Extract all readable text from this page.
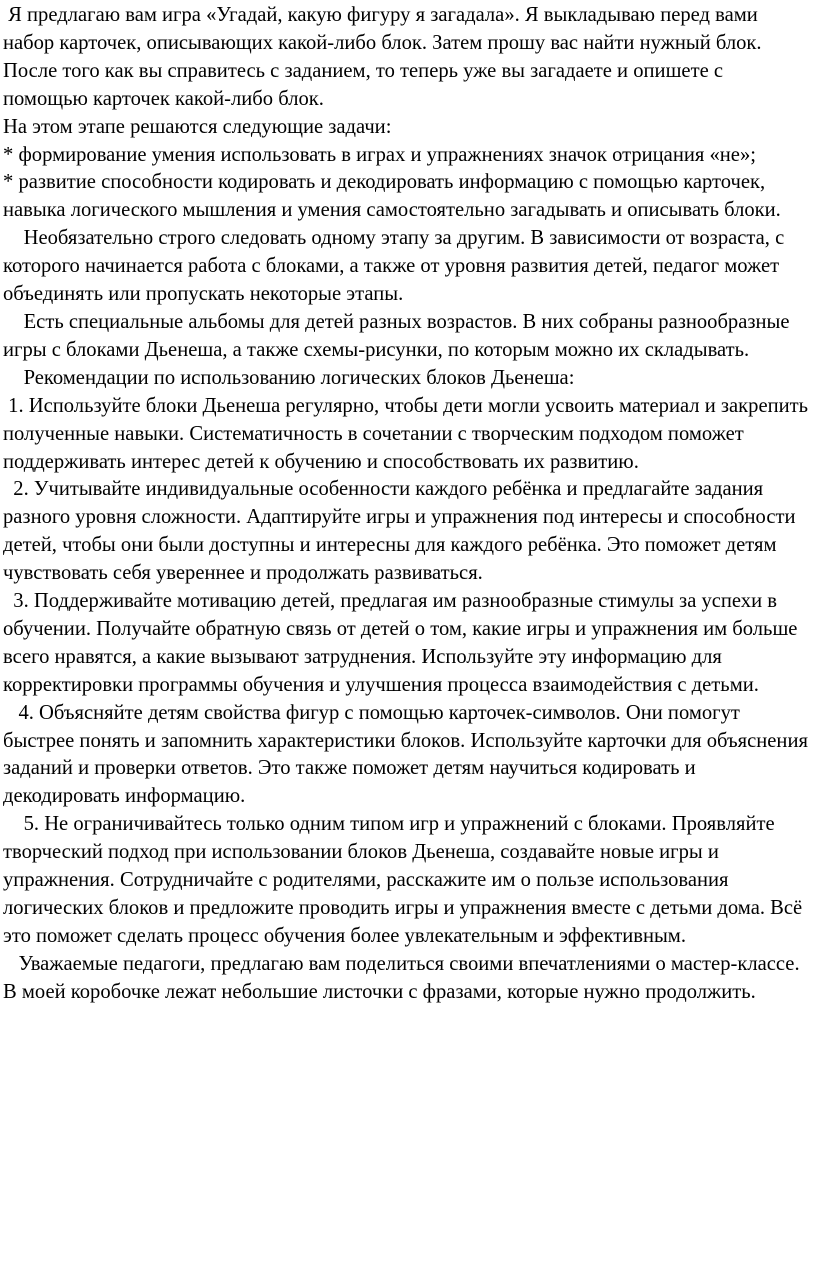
Я предлагаю вам игра «Угадай, какую фигуру я загадала». Я выкладываю перед вами набор карточек, описывающих какой-либо блок. Затем прошу вас найти нужный блок. После того как вы справитесь с заданием, то теперь уже вы загадаете и опишете с помощью карточек какой-либо блок.

На этом этапе решаются следующие задачи:

* формирование умения использовать в играх и упражнениях значок отрицания «не»;

* развитие способности кодировать и декодировать информацию с помощью карточек, навыка логического мышления и умения самостоятельно загадывать и описывать блоки.

Необязательно строго следовать одному этапу за другим. В зависимости от возраста, с которого начинается работа с блоками, а также от уровня развития детей, педагог может объединять или пропускать некоторые этапы.

Есть специальные альбомы для детей разных возрастов. В них собраны разнообразные игры с блоками Дьенеша, а также схемы-рисунки, по которым можно их складывать.

Рекомендации по использованию логических блоков Дьенеша:

1. Используйте блоки Дьенеша регулярно, чтобы дети могли усвоить материал и закрепить полученные навыки. Систематичность в сочетании с творческим подходом поможет поддерживать интерес детей к обучению и способствовать их развитию.

2. Учитывайте индивидуальные особенности каждого ребёнка и предлагайте задания разного уровня сложности. Адаптируйте игры и упражнения под интересы и способности детей, чтобы они были доступны и интересны для каждого ребёнка. Это поможет детям чувствовать себя увереннее и продолжать развиваться.

3. Поддерживайте мотивацию детей, предлагая им разнообразные стимулы за успехи в обучении. Получайте обратную связь от детей о том, какие игры и упражнения им больше всего нравятся, а какие вызывают затруднения. Используйте эту информацию для корректировки программы обучения и улучшения процесса взаимодействия с детьми.

4. Объясняйте детям свойства фигур с помощью карточек-символов. Они помогут быстрее понять и запомнить характеристики блоков. Используйте карточки для объяснения заданий и проверки ответов. Это также поможет детям научиться кодировать и декодировать информацию.

5. Не ограничивайтесь только одним типом игр и упражнений с блоками. Проявляйте творческий подход при использовании блоков Дьенеша, создавайте новые игры и упражнения. Сотрудничайте с родителями, расскажите им о пользе использования логических блоков и предложите проводить игры и упражнения вместе с детьми дома. Всё это поможет сделать процесс обучения более увлекательным и эффективным.

Уважаемые педагоги, предлагаю вам поделиться своими впечатлениями о мастер-классе. В моей коробочке лежат небольшие листочки с фразами, которые нужно продолжить.
